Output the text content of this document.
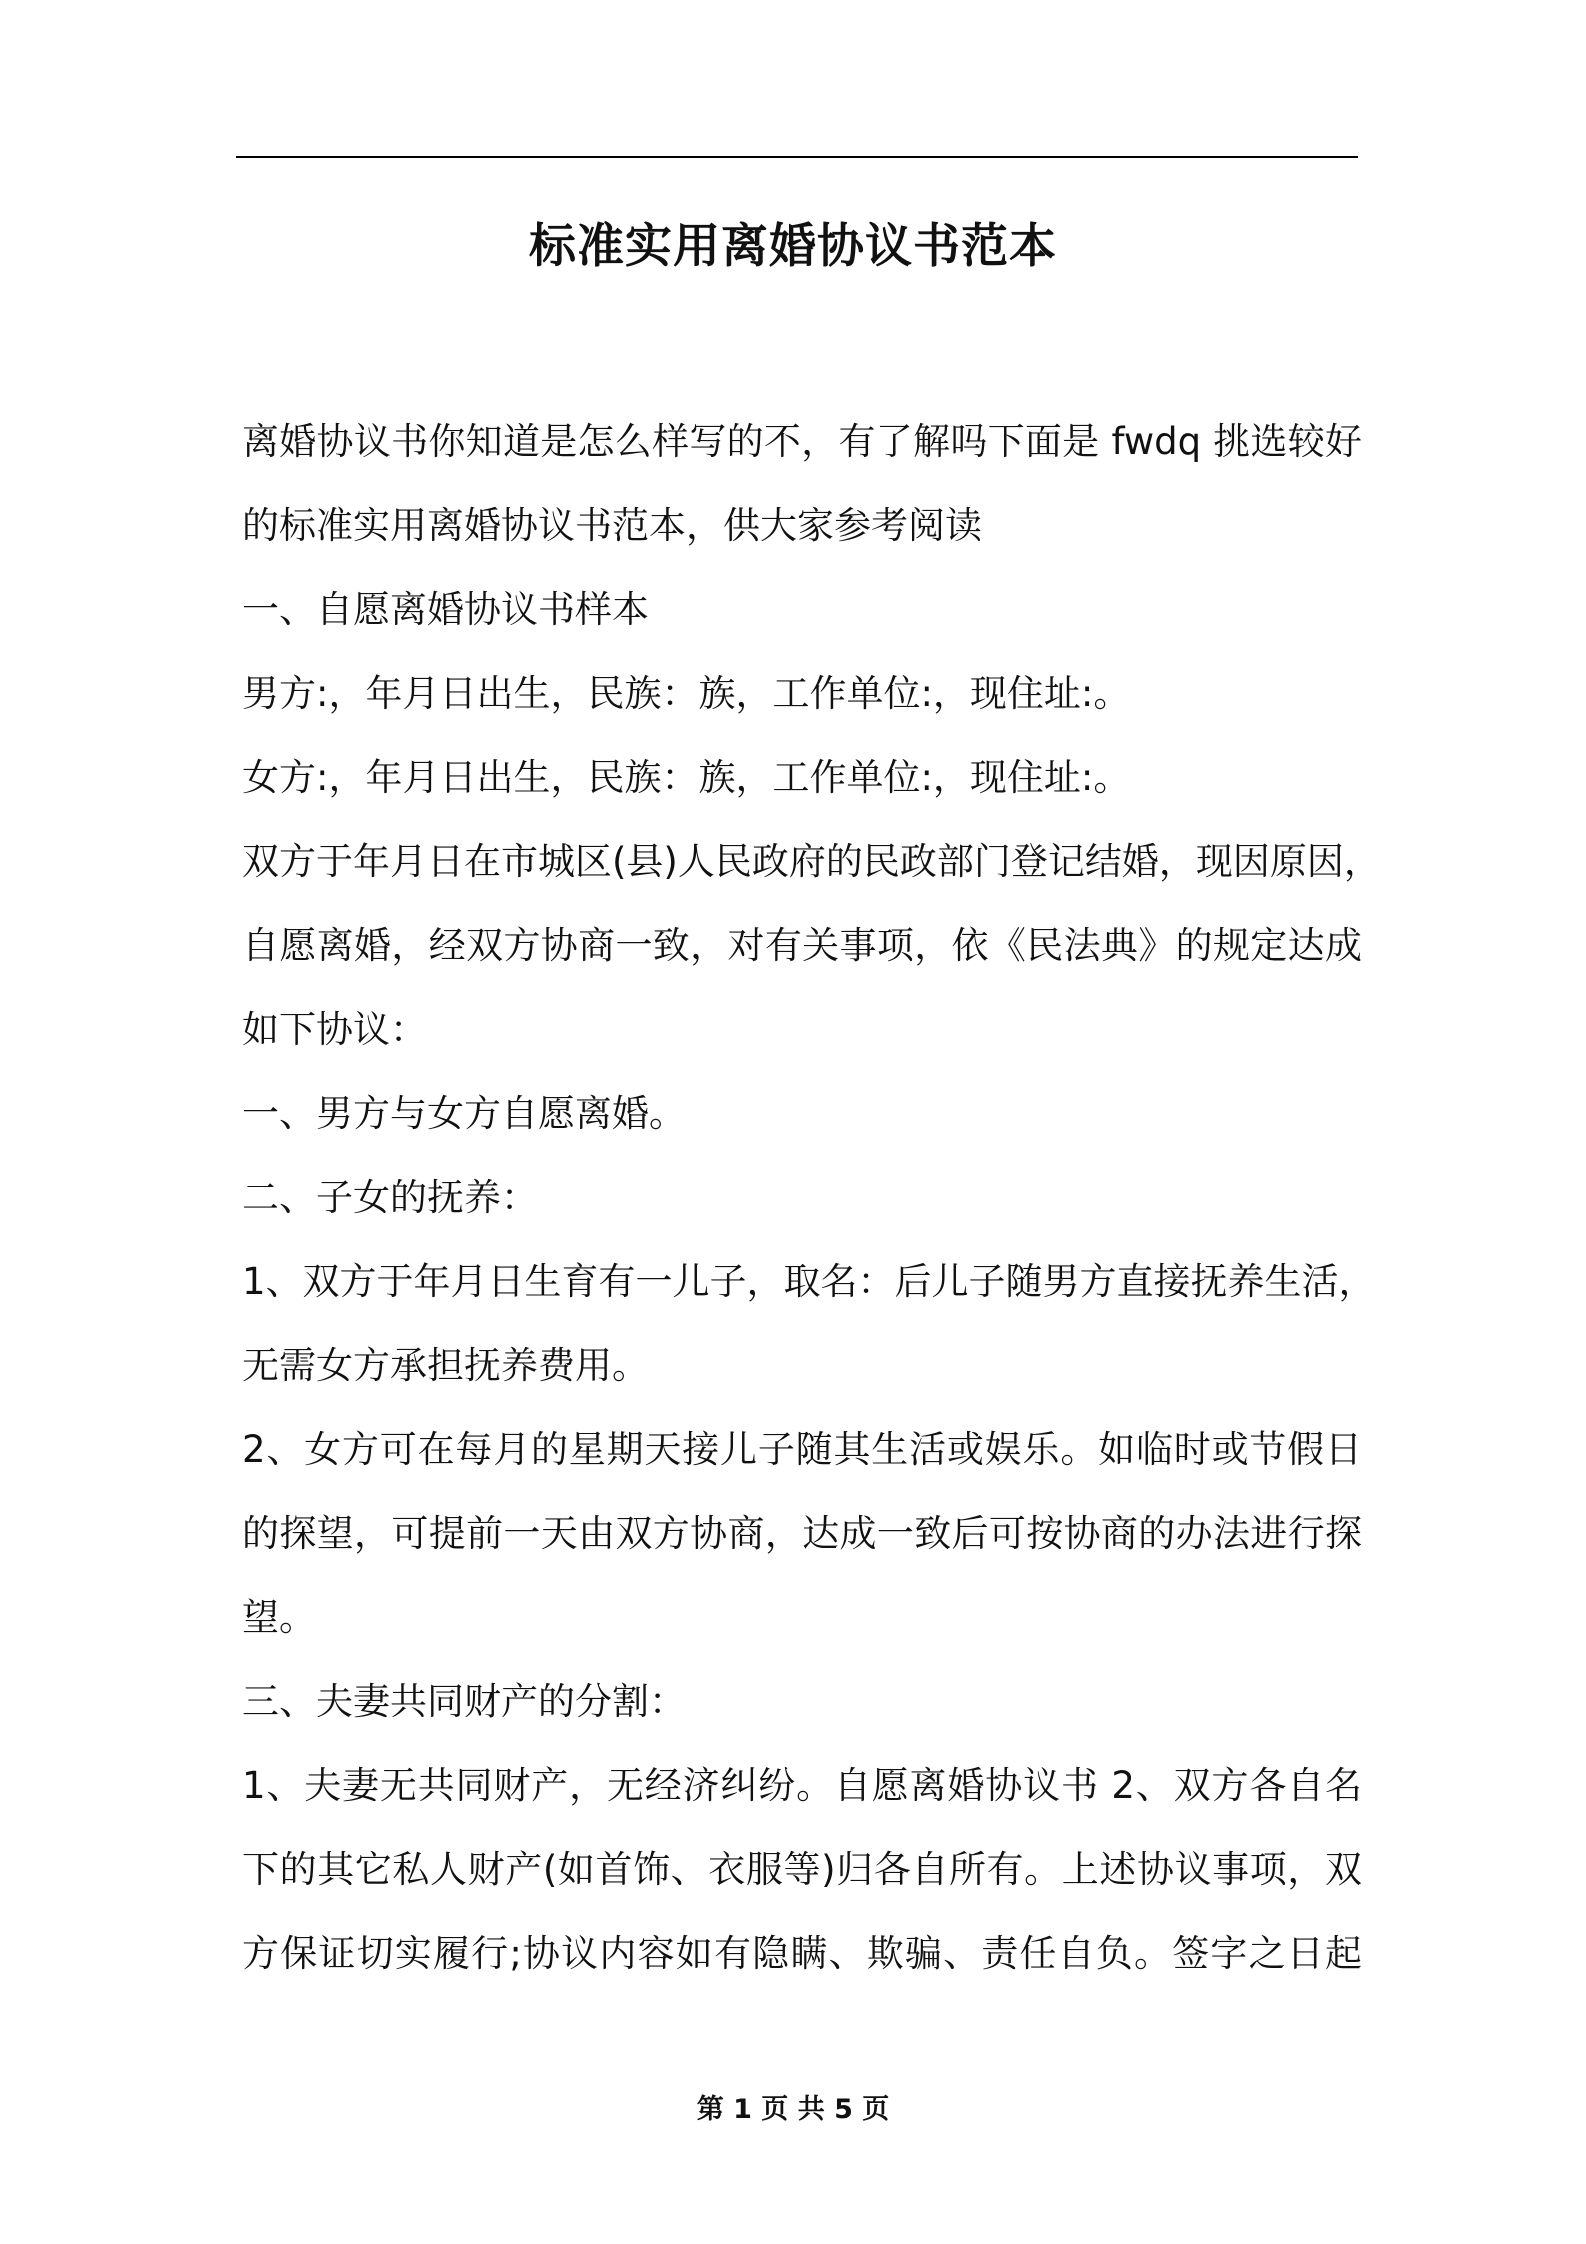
标准实用离婚协议书范本
离婚协议书你知道是怎么样写的不，有了解吗下面是 fwdq 挑选较好
的标准实用离婚协议书范本，供大家参考阅读
一、自愿离婚协议书样本
男方:，年月日出生，民族：族，工作单位:，现住址:。
女方:，年月日出生，民族：族，工作单位:，现住址:。
双方于年月日在市城区(县)人民政府的民政部门登记结婚，现因原因，
自愿离婚，经双方协商一致，对有关事项，依《民法典》的规定达成
如下协议：
一、男方与女方自愿离婚。
二、子女的抚养：
1、双方于年月日生育有一儿子，取名：后儿子随男方直接抚养生活，
无需女方承担抚养费用。
2、女方可在每月的星期天接儿子随其生活或娱乐。如临时或节假日
的探望，可提前一天由双方协商，达成一致后可按协商的办法进行探
望。
三、夫妻共同财产的分割：
1、夫妻无共同财产，无经济纠纷。自愿离婚协议书 2、双方各自名
下的其它私人财产(如首饰、衣服等)归各自所有。上述协议事项，双
方保证切实履行;协议内容如有隐瞒、欺骗、责任自负。签字之日起
第 1 页 共 5 页
